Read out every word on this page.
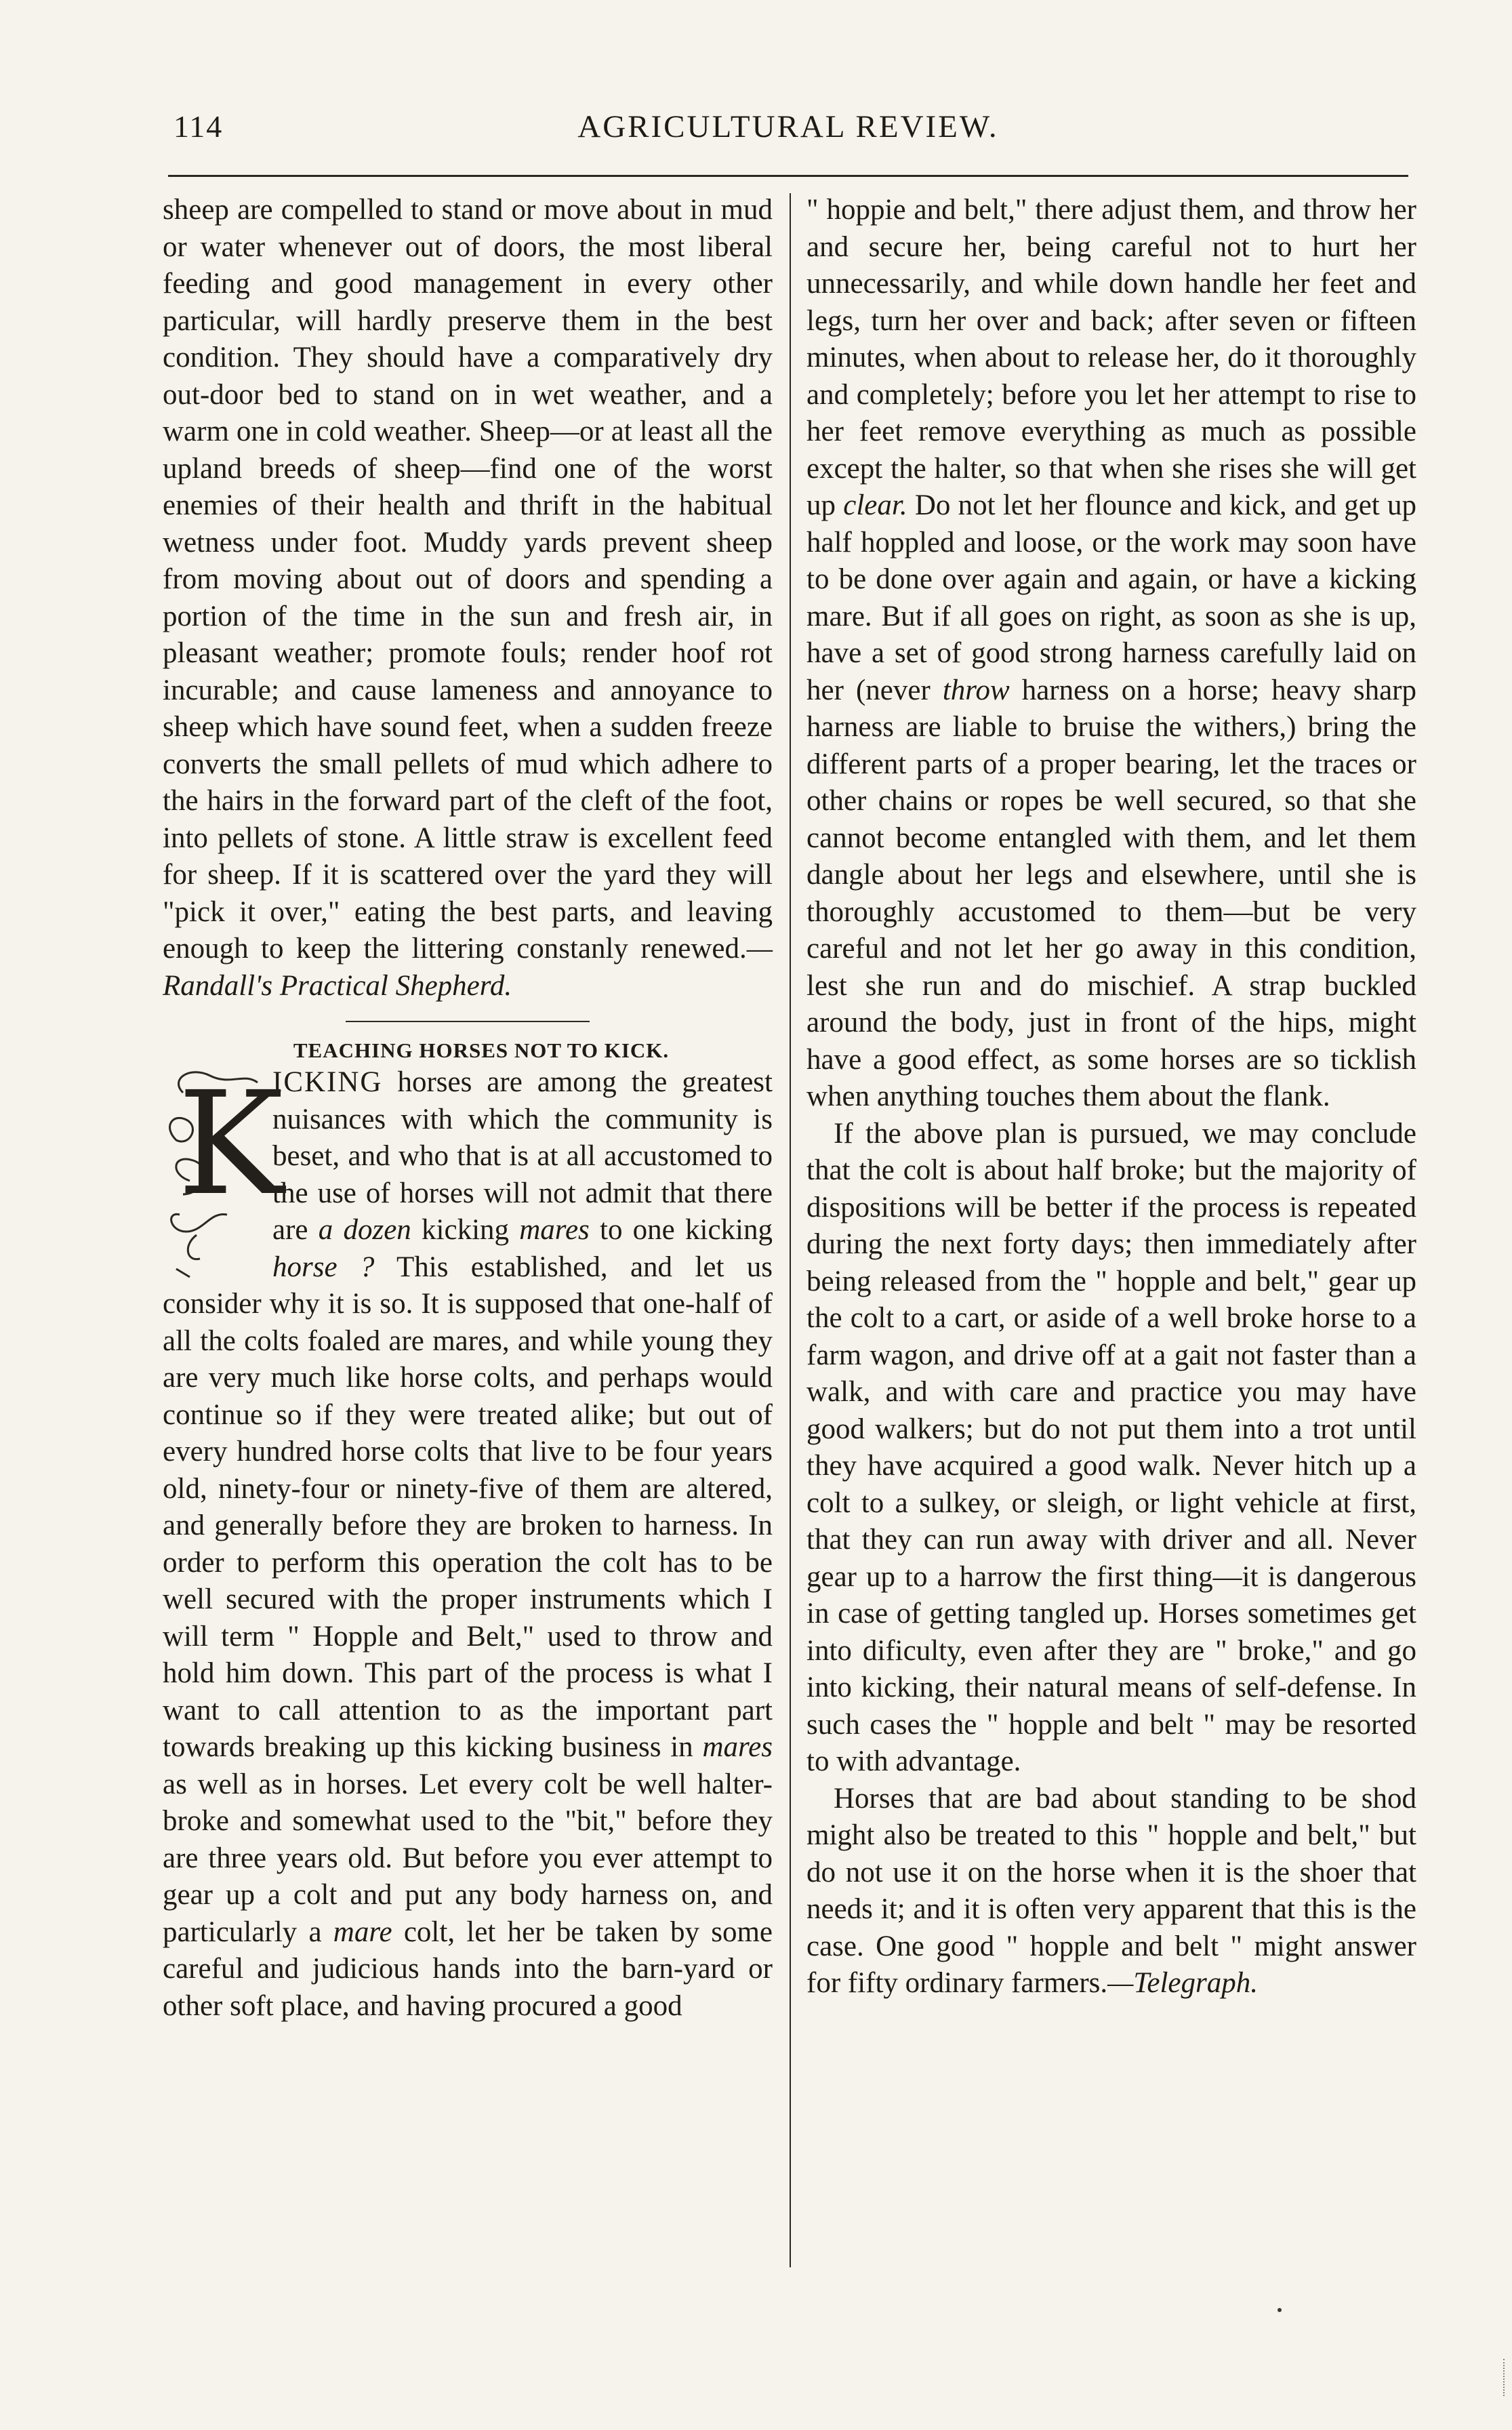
114	AGRICULTURAL REVIEW.

sheep are compelled to stand or move about in mud or water whenever out of doors, the most liberal feeding and good management in every other particular, will hardly preserve them in the best condition. They should have a comparatively dry out-door bed to stand on in wet weather, and a warm one in cold weather. Sheep—or at least all the upland breeds of sheep—find one of the worst enemies of their health and thrift in the habitual wetness under foot. Muddy yards prevent sheep from moving about out of doors and spending a portion of the time in the sun and fresh air, in pleasant weather; promote fouls; render hoof rot incurable; and cause lameness and annoyance to sheep which have sound feet, when a sudden freeze converts the small pellets of mud which adhere to the hairs in the forward part of the cleft of the foot, into pellets of stone. A little straw is excellent feed for sheep. If it is scattered over the yard they will "pick it over," eating the best parts, and leaving enough to keep the littering constanly renewed.—Randall's Practical Shepherd.

TEACHING HORSES NOT TO KICK.

K
ICKING horses are among the greatest nuisances with which the community is beset, and who that is at all accustomed to the use of horses will not admit that there are a dozen kicking mares to one kicking horse ? This established, and let us consider why it is so. It is supposed that one-half of all the colts foaled are mares, and while young they are very much like horse colts, and perhaps would continue so if they were treated alike; but out of every hundred horse colts that live to be four years old, ninety-four or ninety-five of them are altered, and generally before they are broken to harness. In order to perform this operation the colt has to be well secured with the proper instruments which I will term " Hopple and Belt," used to throw and hold him down. This part of the process is what I want to call attention to as the important part towards breaking up this kicking business in mares as well as in horses. Let every colt be well halter-broke and somewhat used to the "bit," before they are three years old. But before you ever attempt to gear up a colt and put any body harness on, and particularly a mare colt, let her be taken by some careful and judicious hands into the barn-yard or other soft place, and having procured a good

" hoppie and belt," there adjust them, and throw her and secure her, being careful not to hurt her unnecessarily, and while down handle her feet and legs, turn her over and back; after seven or fifteen minutes, when about to release her, do it thoroughly and completely; before you let her attempt to rise to her feet remove everything as much as possible except the halter, so that when she rises she will get up clear. Do not let her flounce and kick, and get up half hoppled and loose, or the work may soon have to be done over again and again, or have a kicking mare. But if all goes on right, as soon as she is up, have a set of good strong harness carefully laid on her (never throw harness on a horse; heavy sharp harness are liable to bruise the withers,) bring the different parts of a proper bearing, let the traces or other chains or ropes be well secured, so that she cannot become entangled with them, and let them dangle about her legs and elsewhere, until she is thoroughly accustomed to them—but be very careful and not let her go away in this condition, lest she run and do mischief. A strap buckled around the body, just in front of the hips, might have a good effect, as some horses are so ticklish when anything touches them about the flank.

If the above plan is pursued, we may conclude that the colt is about half broke; but the majority of dispositions will be better if the process is repeated during the next forty days; then immediately after being released from the " hopple and belt," gear up the colt to a cart, or aside of a well broke horse to a farm wagon, and drive off at a gait not faster than a walk, and with care and practice you may have good walkers; but do not put them into a trot until they have acquired a good walk. Never hitch up a colt to a sulkey, or sleigh, or light vehicle at first, that they can run away with driver and all. Never gear up to a harrow the first thing—it is dangerous in case of getting tangled up. Horses sometimes get into dificulty, even after they are " broke," and go into kicking, their natural means of self-defense. In such cases the " hopple and belt " may be resorted to with advantage.

Horses that are bad about standing to be shod might also be treated to this " hopple and belt," but do not use it on the horse when it is the shoer that needs it; and it is often very apparent that this is the case. One good " hopple and belt " might answer for fifty ordinary farmers.—Telegraph.
